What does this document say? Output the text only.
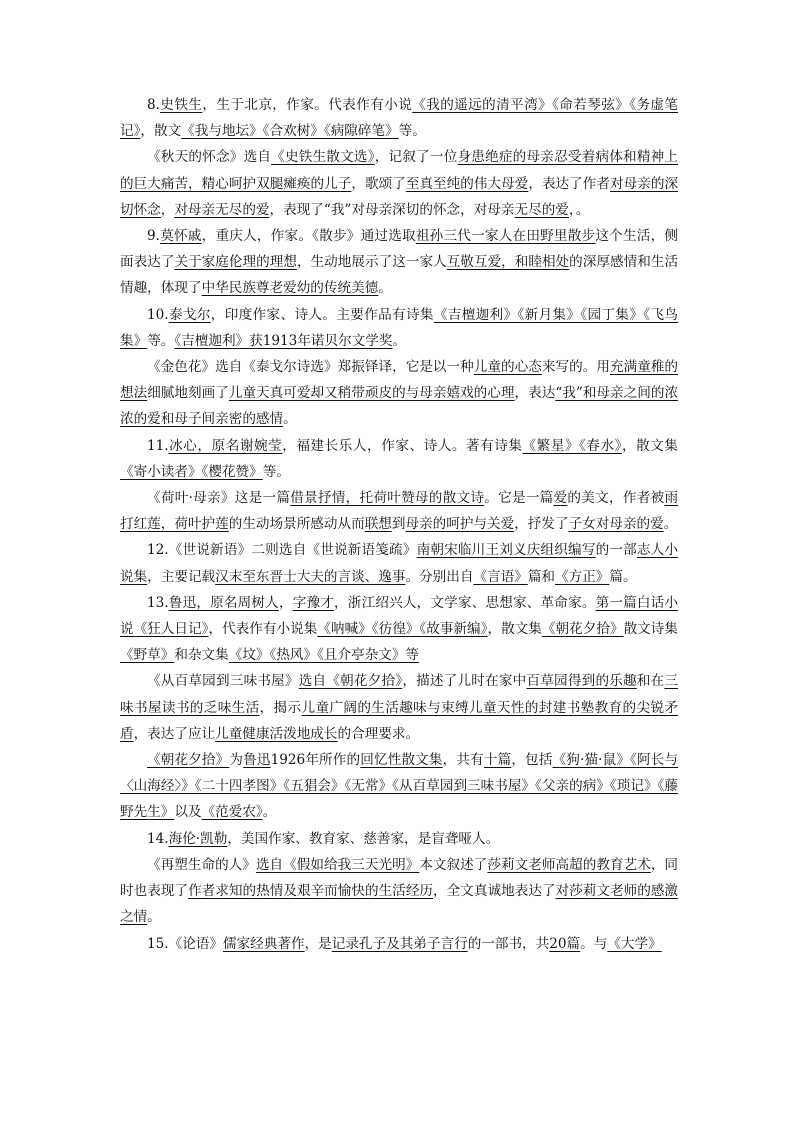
8.史铁生，生于北京，作家。代表作有小说《我的遥远的清平湾》《命若琴弦》《务虚笔记》，散文《我与地坛》《合欢树》《病隙碎笔》等。

《秋天的怀念》选自《史铁生散文选》，记叙了一位身患绝症的母亲忍受着病体和精神上的巨大痛苦，精心呵护双腿瘫痪的儿子，歌颂了至真至纯的伟大母爱，表达了作者对母亲的深切怀念，对母亲无尽的爱，表现了“我”对母亲深切的怀念，对母亲无尽的爱，。

9.莫怀戚，重庆人，作家。《散步》通过选取祖孙三代一家人在田野里散步这个生活，侧面表达了关于家庭伦理的理想，生动地展示了这一家人互敬互爱，和睦相处的深厚感情和生活情趣，体现了中华民族尊老爱幼的传统美德。

10.泰戈尔，印度作家、诗人。主要作品有诗集《吉檀迦利》《新月集》《园丁集》《飞鸟集》等。《吉檀迦利》获1913年诺贝尔文学奖。

《金色花》选自《泰戈尔诗选》郑振铎译，它是以一种儿童的心态来写的。用充满童稚的想法细腻地刻画了儿童天真可爱却又稍带顽皮的与母亲嬉戏的心理，表达“我”和母亲之间的浓浓的爱和母子间亲密的感情。

11.冰心，原名谢婉莹，福建长乐人，作家、诗人。著有诗集《繁星》《春水》，散文集《寄小读者》《樱花赞》等。

《荷叶·母亲》这是一篇借景抒情，托荷叶赞母的散文诗。它是一篇爱的美文，作者被雨打红莲，荷叶护莲的生动场景所感动从而联想到母亲的呵护与关爱，抒发了子女对母亲的爱。

12.《世说新语》二则选自《世说新语笺疏》南朝宋临川王刘义庆组织编写的一部志人小说集，主要记载汉末至东晋士大夫的言谈、逸事。分别出自《言语》篇和《方正》篇。

13.鲁迅，原名周树人，字豫才，浙江绍兴人，文学家、思想家、革命家。第一篇白话小说《狂人日记》，代表作有小说集《呐喊》《彷徨》《故事新编》，散文集《朝花夕拾》散文诗集《野草》和杂文集《坟》《热风》《且介亭杂文》等

《从百草园到三味书屋》选自《朝花夕拾》，描述了儿时在家中百草园得到的乐趣和在三味书屋读书的乏味生活，揭示儿童广阔的生活趣味与束缚儿童天性的封建书塾教育的尖锐矛盾，表达了应让儿童健康活泼地成长的合理要求。

《朝花夕拾》为鲁迅1926年所作的回忆性散文集，共有十篇，包括《狗·猫·鼠》《阿长与〈山海经〉》《二十四孝图》《五猖会》《无常》《从百草园到三味书屋》《父亲的病》《琐记》《藤野先生》以及《范爱农》。

14.海伦·凯勒，美国作家、教育家、慈善家，是盲聋哑人。

《再塑生命的人》选自《假如给我三天光明》本文叙述了莎莉文老师高超的教育艺术，同时也表现了作者求知的热情及艰辛而愉快的生活经历，全文真诚地表达了对莎莉文老师的感激之情。

15.《论语》儒家经典著作，是记录孔子及其弟子言行的一部书，共20篇。与《大学》
